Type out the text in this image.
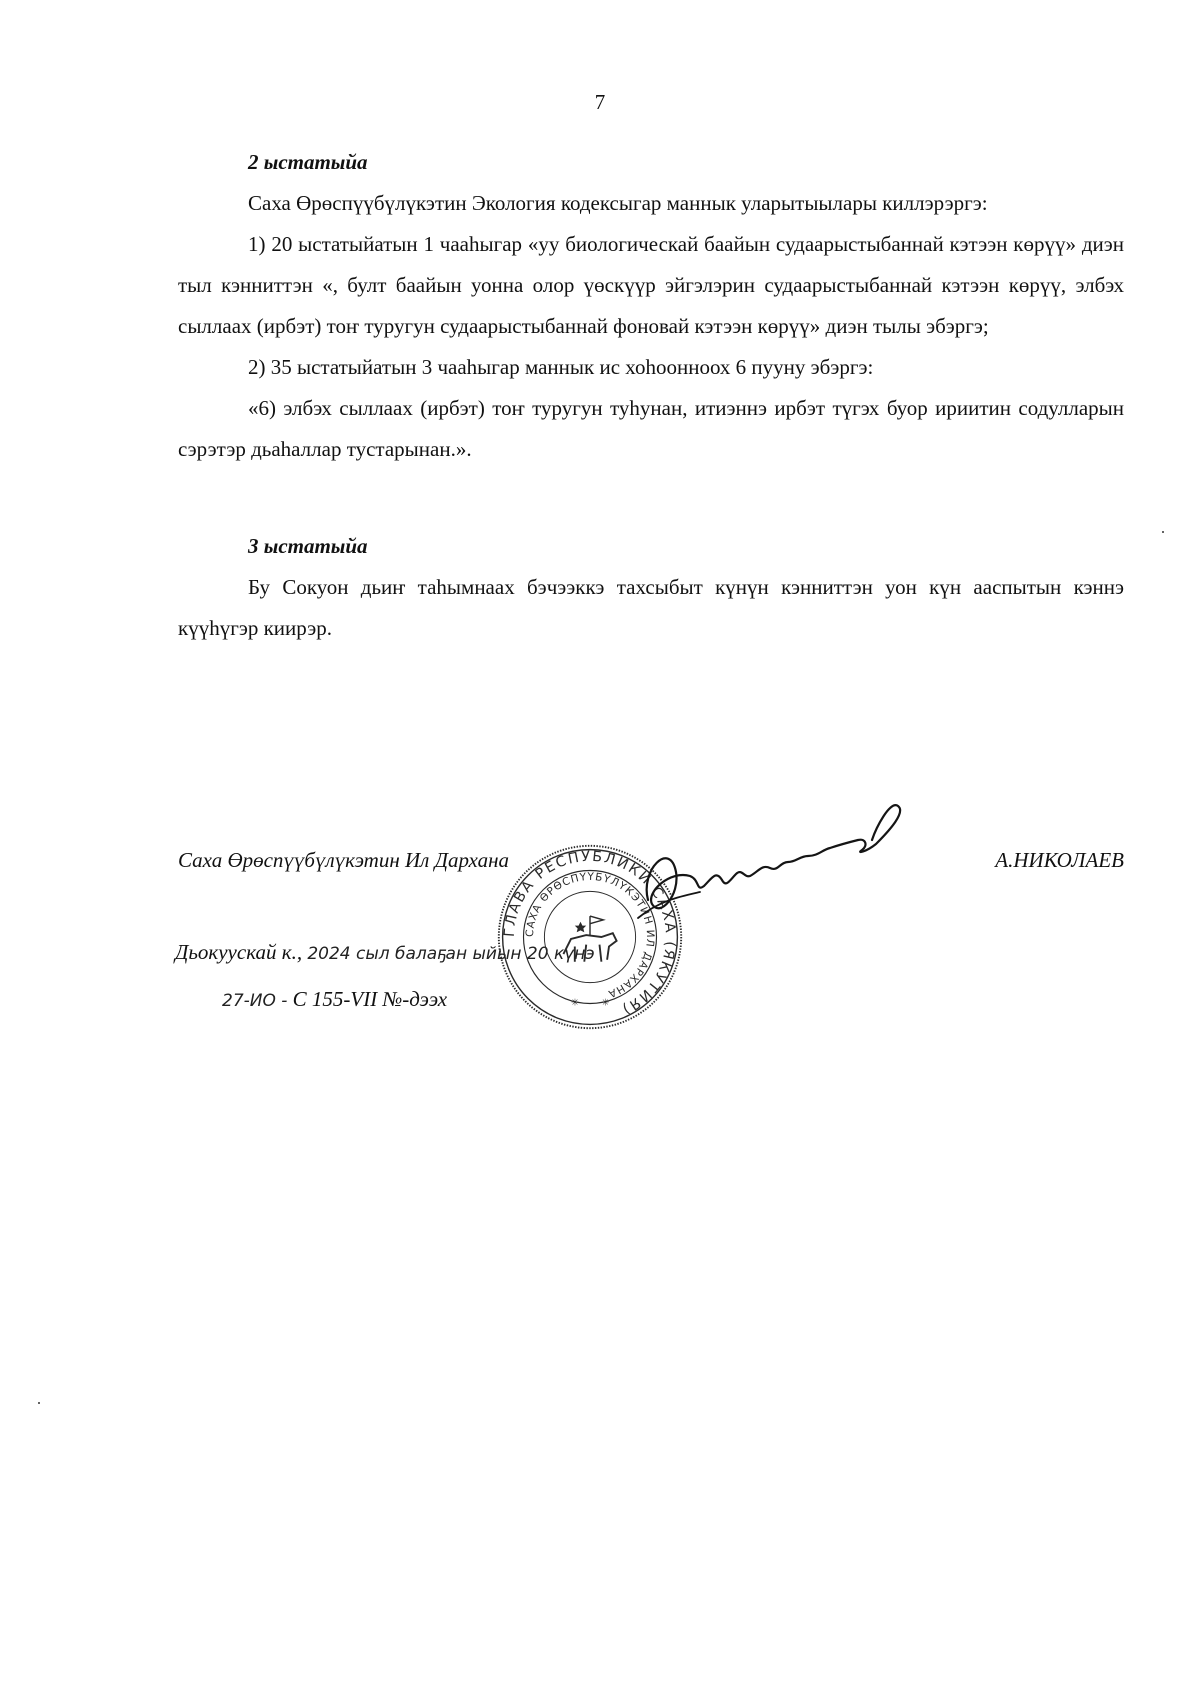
7

2 ыстатыйа

Саха Өрөспүүбүлүкэтин Экология кодексыгар маннык уларытыылары киллэрэргэ:

1) 20 ыстатыйатын 1 чааһыгар «уу биологическай баайын судаарыстыбаннай кэтээн көрүү» диэн тыл кэнниттэн «, булт баайын уонна олор үөскүүр эйгэлэрин судаарыстыбаннай кэтээн көрүү, элбэх сыллаах (ирбэт) тоҥ туругун судаарыстыбаннай фоновай кэтээн көрүү» диэн тылы эбэргэ;

2) 35 ыстатыйатын 3 чааһыгар маннык ис хоһоонноох 6 пууну эбэргэ:

«6) элбэх сыллаах (ирбэт) тоҥ туругун туһунан, итиэннэ ирбэт түгэх буор ириитин содулларын сэрэтэр дьаһаллар тустарынан.».

3 ыстатыйа

Бу Сокуон дьиҥ таһымнаах бэчээккэ тахсыбыт күнүн кэнниттэн уон күн ааспытын кэннэ күүһүгэр киирэр.

Саха Өрөспүүбүлүкэтин Ил Дархана	А.НИКОЛАЕВ
Дьокуускай к., 2024 сыл балаҕан ыйын 20 күнэ
27-ИО - С 155-VII №-дээх
ГЛАВА РЕСПУБЛИКИ САХА (ЯКУТИЯ)
САХА ӨРӨСПҮҮБҮЛҮКЭТИН ИЛ ДАРХАНА
✳ ✳
